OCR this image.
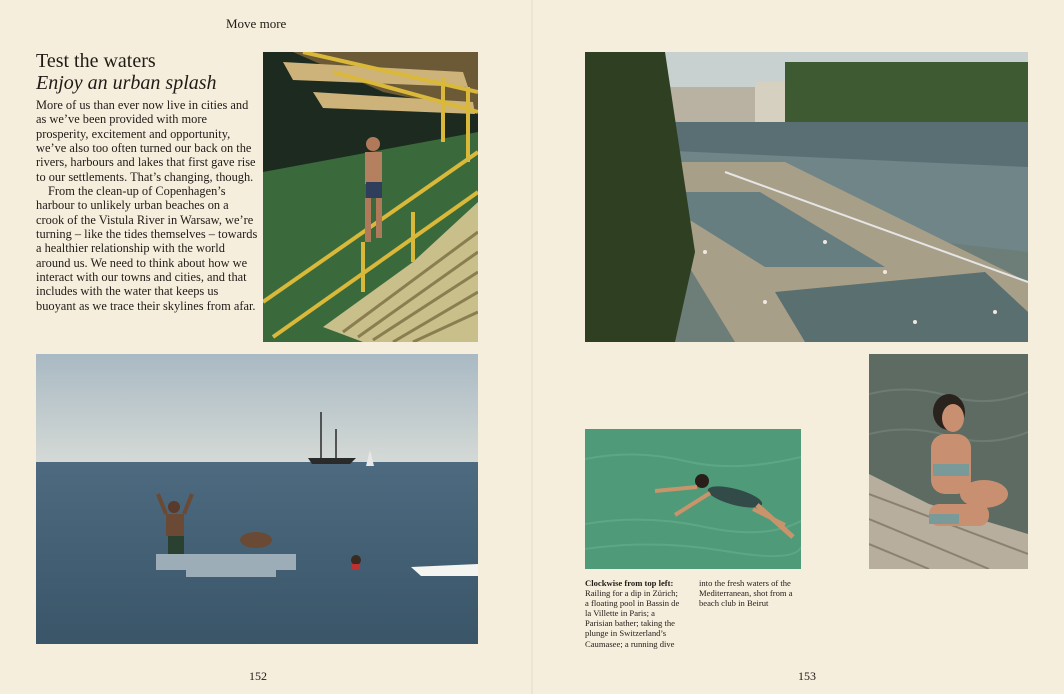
Move more
Test the waters
Enjoy an urban splash

More of us than ever now live in cities and as we’ve been provided with more prosperity, excitement and opportunity, we’ve also too often turned our back on the rivers, harbours and lakes that first gave rise to our settlements. That’s changing, though.

From the clean-up of Copenhagen’s harbour to unlikely urban beaches on a crook of the Vistula River in Warsaw, we’re turning – like the tides themselves – towards a healthier relationship with the world around us. We need to think about how we interact with our towns and cities, and that includes with the water that keeps us buoyant as we trace their skylines from afar.

Clockwise from top left: Railing for a dip in Zürich; a floating pool in Bassin de la Villette in Paris; a Parisian bather; taking the plunge in Switzerland’s Caumasee; a running dive
into the fresh waters of the Mediterranean, shot from a beach club in Beirut
152	153
